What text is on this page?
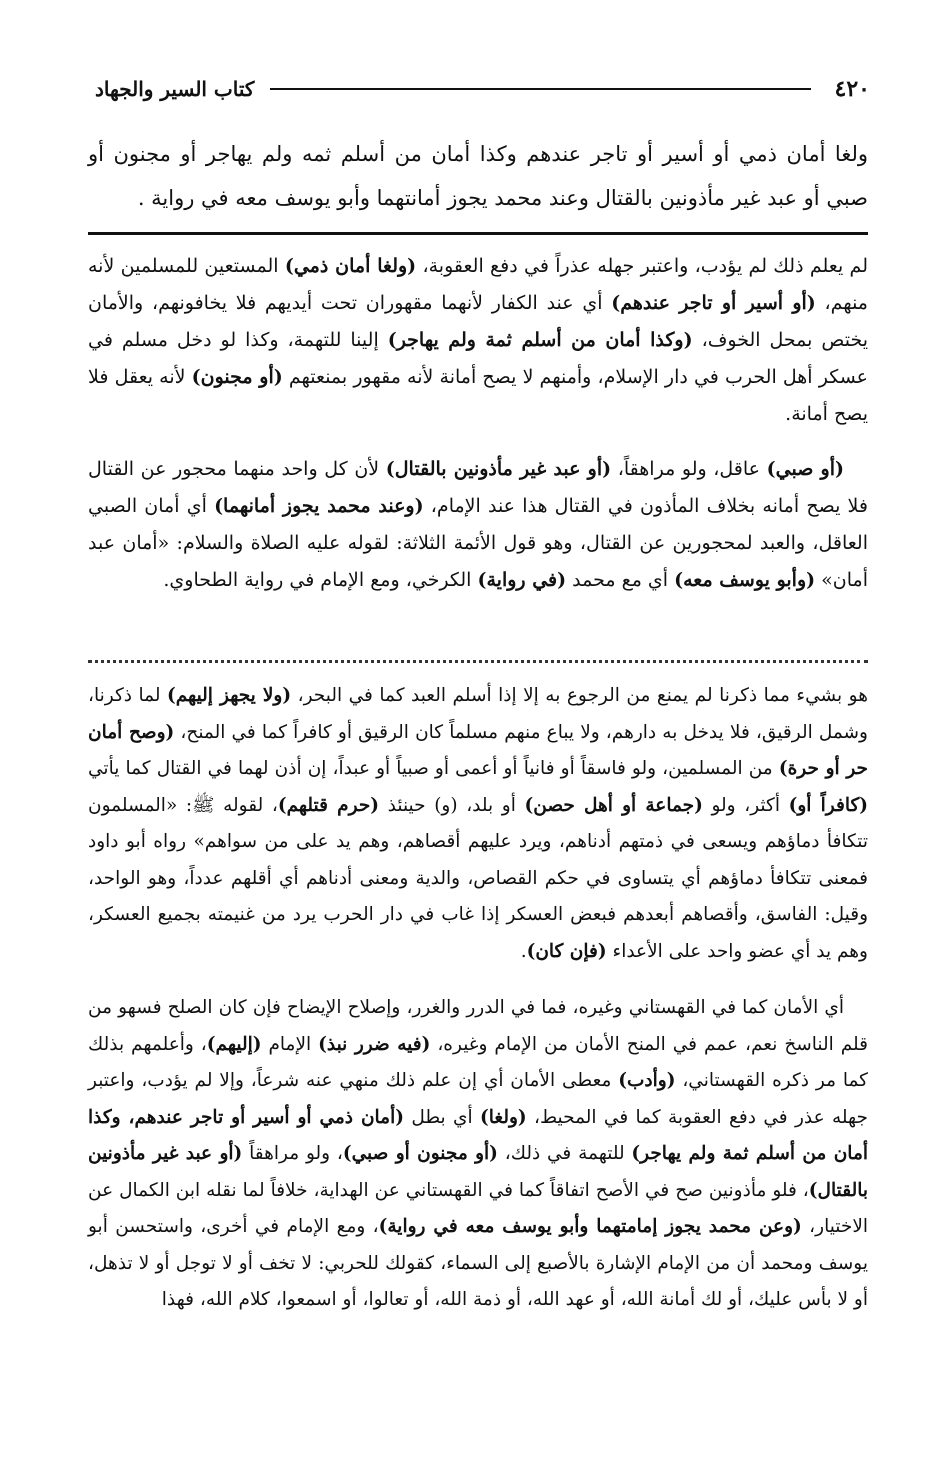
٤٢٠
كتاب السير والجهاد
ولغا أمان ذمي أو أسير أو تاجر عندهم وكذا أمان من أسلم ثمه ولم يهاجر أو مجنون أو صبي أو عبد غير مأذونين بالقتال وعند محمد يجوز أمانتهما وأبو يوسف معه في رواية .

لم يعلم ذلك لم يؤدب، واعتبر جهله عذراً في دفع العقوبة، (ولغا أمان ذمي) المستعين للمسلمين لأنه منهم، (أو أسير أو تاجر عندهم) أي عند الكفار لأنهما مقهوران تحت أيديهم فلا يخافونهم، والأمان يختص بمحل الخوف، (وكذا أمان من أسلم ثمة ولم يهاجر) إلينا للتهمة، وكذا لو دخل مسلم في عسكر أهل الحرب في دار الإسلام، وأمنهم لا يصح أمانة لأنه مقهور بمنعتهم (أو مجنون) لأنه يعقل فلا يصح أمانة.

(أو صبي) عاقل، ولو مراهقاً، (أو عبد غير مأذونين بالقتال) لأن كل واحد منهما محجور عن القتال فلا يصح أمانه بخلاف المأذون في القتال هذا عند الإمام، (وعند محمد يجوز أمانهما) أي أمان الصبي العاقل، والعبد لمحجورين عن القتال، وهو قول الأئمة الثلاثة: لقوله عليه الصلاة والسلام: «أمان عبد أمان» (وأبو يوسف معه) أي مع محمد (في رواية) الكرخي، ومع الإمام في رواية الطحاوي.

هو بشيء مما ذكرنا لم يمنع من الرجوع به إلا إذا أسلم العبد كما في البحر، (ولا يجهز إليهم) لما ذكرنا، وشمل الرقيق، فلا يدخل به دارهم، ولا يباع منهم مسلماً كان الرقيق أو كافراً كما في المنح، (وصح أمان حر أو حرة) من المسلمين، ولو فاسقاً أو فانياً أو أعمى أو صبياً أو عبداً، إن أذن لهما في القتال كما يأتي (كافراً أو) أكثر، ولو (جماعة أو أهل حصن) أو بلد، (و) حينئذ (حرم قتلهم)، لقوله ﷺ: «المسلمون تتكافأ دماؤهم ويسعى في ذمتهم أدناهم، ويرد عليهم أقصاهم، وهم يد على من سواهم» رواه أبو داود فمعنى تتكافأ دماؤهم أي يتساوى في حكم القصاص، والدية ومعنى أدناهم أي أقلهم عدداً، وهو الواحد، وقيل: الفاسق، وأقصاهم أبعدهم فبعض العسكر إذا غاب في دار الحرب يرد من غنيمته بجميع العسكر، وهم يد أي عضو واحد على الأعداء (فإن كان).

أي الأمان كما في القهستاني وغيره، فما في الدرر والغرر، وإصلاح الإيضاح فإن كان الصلح فسهو من قلم الناسخ نعم، عمم في المنح الأمان من الإمام وغيره، (فيه ضرر نبذ) الإمام (إليهم)، وأعلمهم بذلك كما مر ذكره القهستاني، (وأدب) معطى الأمان أي إن علم ذلك منهي عنه شرعاً، وإلا لم يؤدب، واعتبر جهله عذر في دفع العقوبة كما في المحيط، (ولغا) أي بطل (أمان ذمي أو أسير أو تاجر عندهم، وكذا أمان من أسلم ثمة ولم يهاجر) للتهمة في ذلك، (أو مجنون أو صبي)، ولو مراهقاً (أو عبد غير مأذونين بالقتال)، فلو مأذونين صح في الأصح اتفاقاً كما في القهستاني عن الهداية، خلافاً لما نقله ابن الكمال عن الاختيار، (وعن محمد يجوز إمامتهما وأبو يوسف معه في رواية)، ومع الإمام في أخرى، واستحسن أبو يوسف ومحمد أن من الإمام الإشارة بالأصبع إلى السماء، كقولك للحربي: لا تخف أو لا توجل أو لا تذهل، أو لا بأس عليك، أو لك أمانة الله، أو عهد الله، أو ذمة الله، أو تعالوا، أو اسمعوا، كلام الله، فهذا
